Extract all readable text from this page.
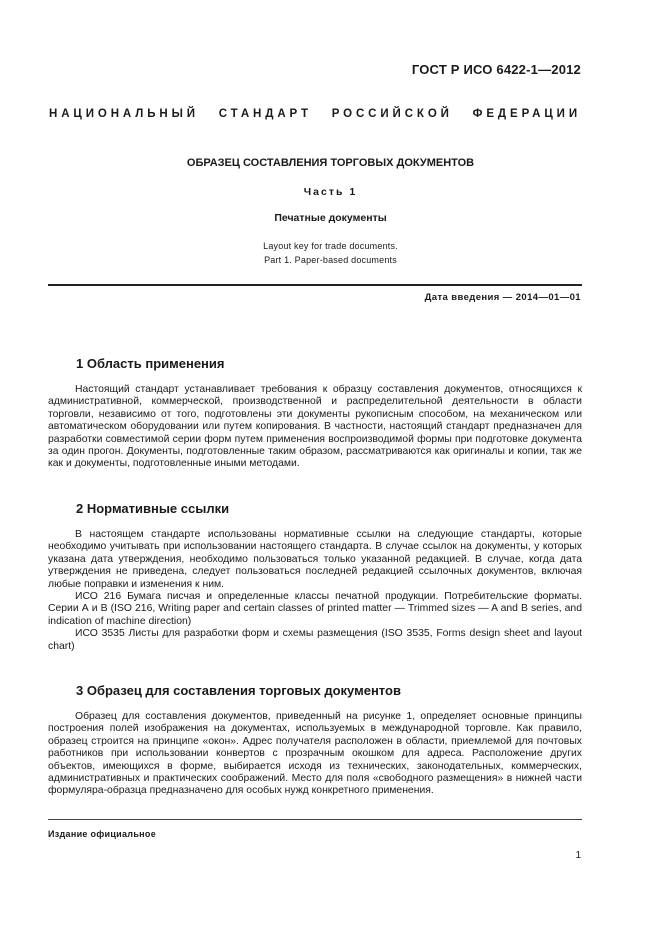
ГОСТ Р ИСО 6422-1—2012
НАЦИОНАЛЬНЫЙ СТАНДАРТ РОССИЙСКОЙ ФЕДЕРАЦИИ
ОБРАЗЕЦ СОСТАВЛЕНИЯ ТОРГОВЫХ ДОКУМЕНТОВ
Часть 1
Печатные документы
Layout key for trade documents.
Part 1. Paper-based documents
Дата введения — 2014—01—01
1 Область применения

Настоящий стандарт устанавливает требования к образцу составления документов, относящихся к административной, коммерческой, производственной и распределительной деятельности в области торговли, независимо от того, подготовлены эти документы рукописным способом, на механическом или автоматическом оборудовании или путем копирования. В частности, настоящий стандарт предназначен для разработки совместимой серии форм путем применения воспроизводимой формы при подготовке документа за один прогон. Документы, подготовленные таким образом, рассматриваются как оригиналы и копии, так же как и документы, подготовленные иными методами.

2 Нормативные ссылки

В настоящем стандарте использованы нормативные ссылки на следующие стандарты, которые необходимо учитывать при использовании настоящего стандарта. В случае ссылок на документы, у которых указана дата утверждения, необходимо пользоваться только указанной редакцией. В случае, когда дата утверждения не приведена, следует пользоваться последней редакцией ссылочных документов, включая любые поправки и изменения к ним.

ИСО 216 Бумага писчая и определенные классы печатной продукции. Потребительские форматы. Серии А и В (ISO 216, Writing paper and certain classes of printed matter — Trimmed sizes — A and B series, and indication of machine direction)

ИСО 3535 Листы для разработки форм и схемы размещения (ISO 3535, Forms design sheet and layout chart)

3 Образец для составления торговых документов

Образец для составления документов, приведенный на рисунке 1, определяет основные принципы построения полей изображения на документах, используемых в международной торговле. Как правило, образец строится на принципе «окон». Адрес получателя расположен в области, приемлемой для почтовых работников при использовании конвертов с прозрачным окошком для адреса. Расположение других объектов, имеющихся в форме, выбирается исходя из технических, законодательных, коммерческих, административных и практических соображений. Место для поля «свободного размещения» в нижней части формуляра-образца предназначено для особых нужд конкретного применения.

Издание официальное
1
